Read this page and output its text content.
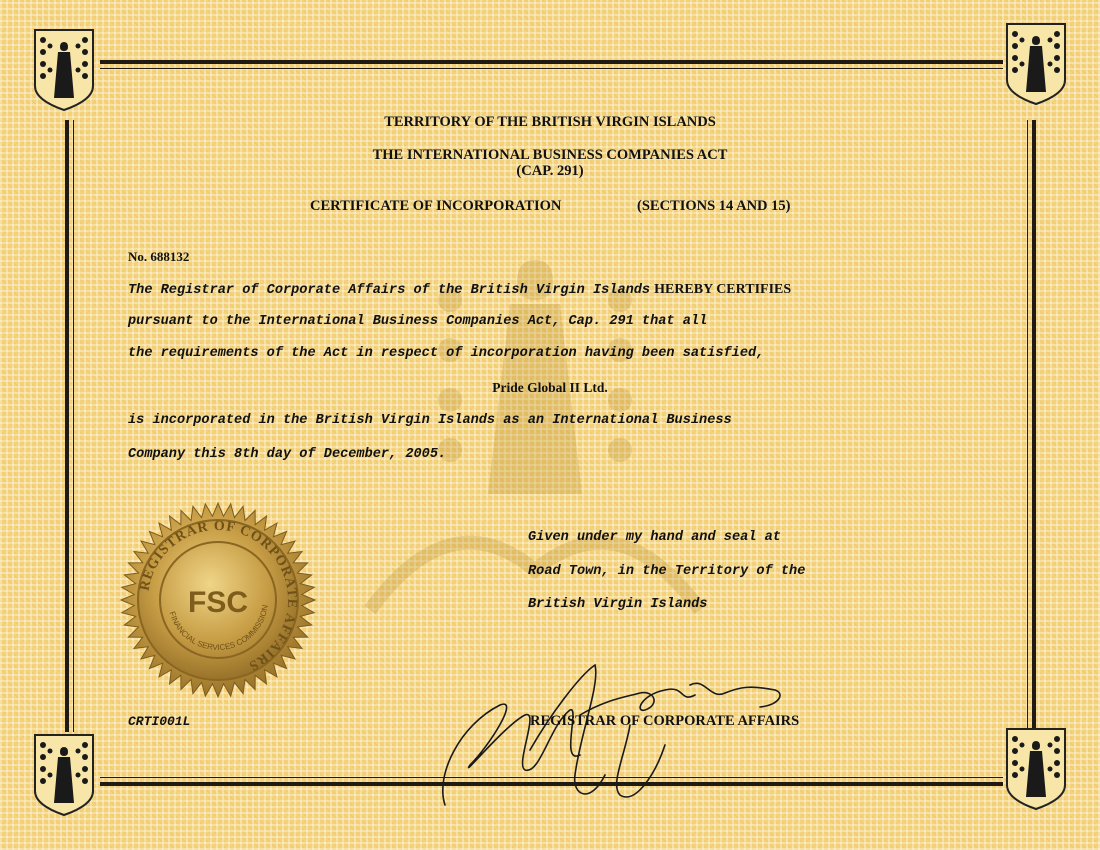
TERRITORY OF THE BRITISH VIRGIN ISLANDS
THE INTERNATIONAL BUSINESS COMPANIES ACT
(CAP. 291)
CERTIFICATE OF INCORPORATION	(SECTIONS 14 AND 15)
No. 688132
The Registrar of Corporate Affairs of the British Virgin Islands HEREBY CERTIFIES
pursuant to the International Business Companies Act, Cap. 291 that all
the requirements of the Act in respect of incorporation having been satisfied,
Pride Global II Ltd.
is incorporated in the British Virgin Islands as an International Business
Company this 8th day of December, 2005.
Given under my hand and seal at
Road Town, in the Territory of the
British Virgin Islands
REGISTRAR OF CORPORATE AFFAIRS
FINANCIAL SERVICES COMMISSION
FSC
CRTI001L	REGISTRAR OF CORPORATE AFFAIRS
